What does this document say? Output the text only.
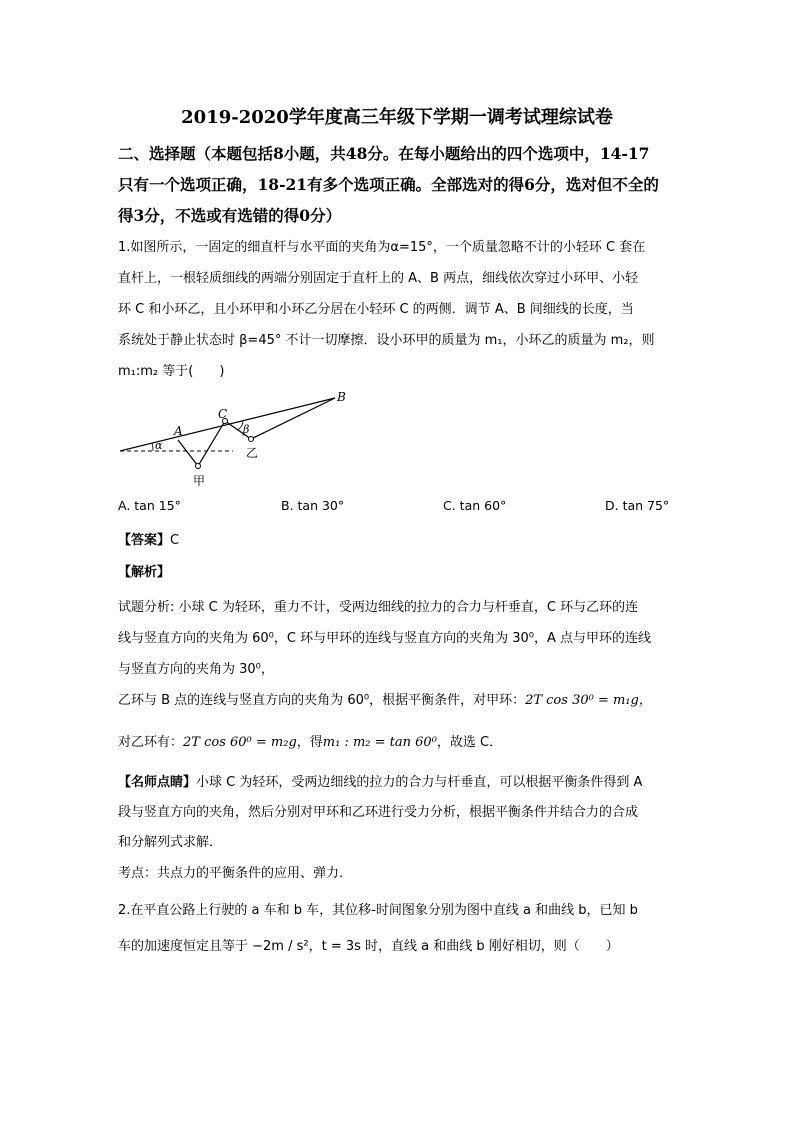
2019-2020学年度高三年级下学期一调考试理综试卷
二、选择题（本题包括8小题，共48分。在每小题给出的四个选项中，14-17
只有一个选项正确，18-21有多个选项正确。全部选对的得6分，选对但不全的
得3分，不选或有选错的得0分）
1.如图所示，一固定的细直杆与水平面的夹角为α=15°，一个质量忽略不计的小轻环 C 套在
直杆上，一根轻质细线的两端分别固定于直杆上的 A、B 两点，细线依次穿过小环甲、小轻
环 C 和小环乙，且小环甲和小环乙分居在小轻环 C 的两侧．调节 A、B 间细线的长度，当
系统处于静止状态时 β=45° 不计一切摩擦．设小环甲的质量为 m₁，小环乙的质量为 m₂，则
m₁:m₂ 等于(　　)
B
C
A
α
β
甲
乙
A. tan 15°	B. tan 30°	C. tan 60°	D. tan 75°
【答案】C
【解析】
试题分析: 小球 C 为轻环，重力不计，受两边细线的拉力的合力与杆垂直，C 环与乙环的连
线与竖直方向的夹角为 60⁰，C 环与甲环的连线与竖直方向的夹角为 30⁰，A 点与甲环的连线
与竖直方向的夹角为 30⁰，
乙环与 B 点的连线与竖直方向的夹角为 60⁰，根据平衡条件，对甲环：2T cos 30⁰ = m₁g，
对乙环有：2T cos 60⁰ = m₂g，得m₁ : m₂ = tan 60⁰，故选 C．
【名师点睛】小球 C 为轻环，受两边细线的拉力的合力与杆垂直，可以根据平衡条件得到 A
段与竖直方向的夹角，然后分别对甲环和乙环进行受力分析，根据平衡条件并结合力的合成
和分解列式求解．
考点：共点力的平衡条件的应用、弹力．
2.在平直公路上行驶的 a 车和 b 车，其位移-时间图象分别为图中直线 a 和曲线 b，已知 b
车的加速度恒定且等于 −2m / s²，t = 3s 时，直线 a 和曲线 b 刚好相切，则（　　）
